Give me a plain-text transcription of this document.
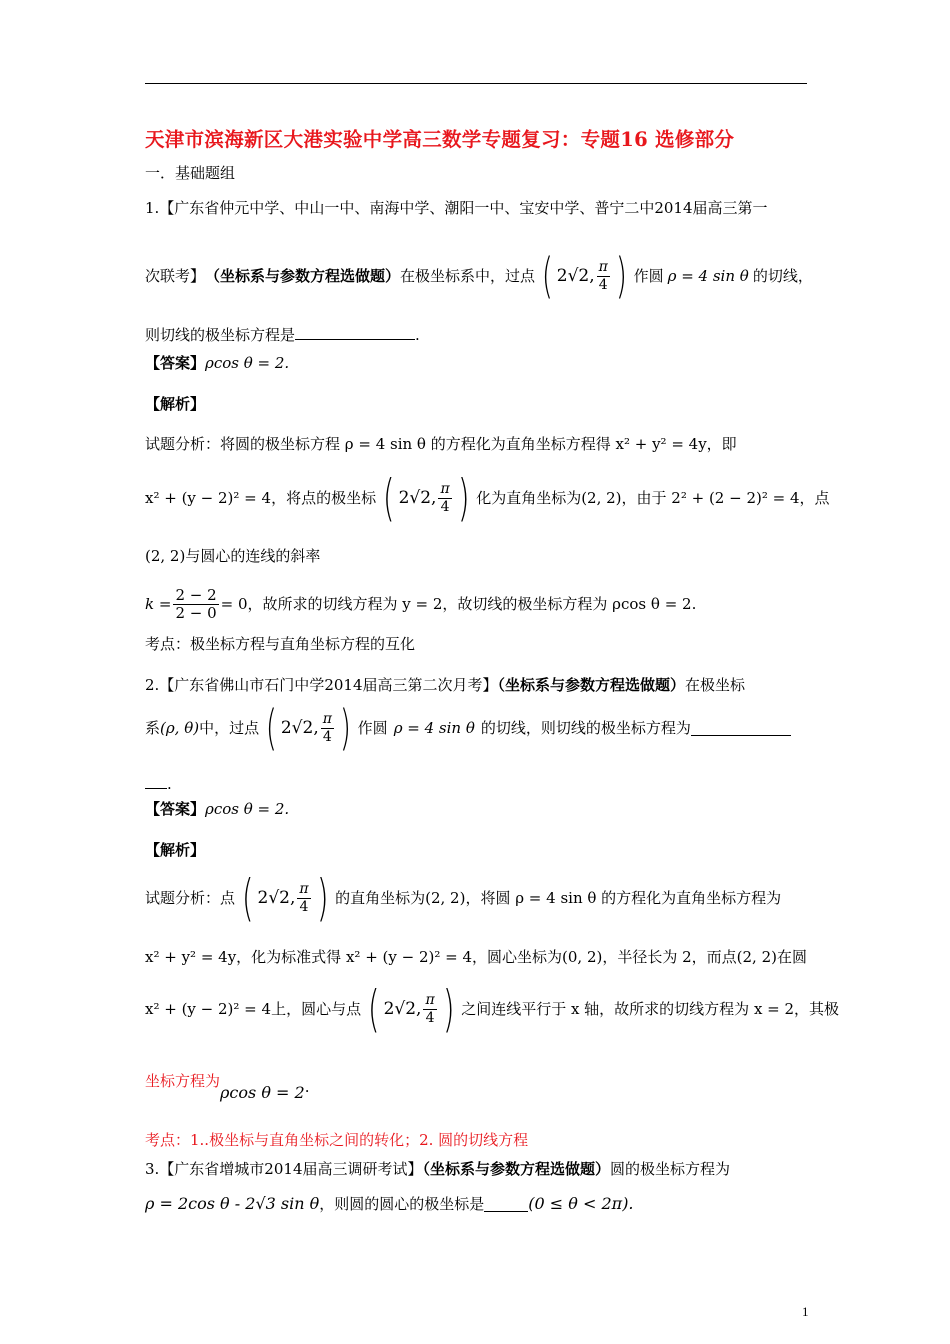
天津市滨海新区大港实验中学高三数学专题复习：专题16 选修部分
一．基础题组
1.【广东省仲元中学、中山一中、南海中学、潮阳一中、宝安中学、普宁二中2014届高三第一
次联考】 （坐标系与参数方程选做题） 在极坐标系中，过点 ( 2√2, $\frac{\pi}{4}$ ) 作圆 ρ = 4 sin θ 的切线，
则切线的极坐标方程是	.
【答案】ρcos θ = 2.
【解析】
试题分析：将圆的极坐标方程 ρ = 4 sin θ 的方程化为直角坐标方程得 x² + y² = 4y，即
x² + (y − 2)² = 4，将点的极坐标 ( 2√2, $\frac{\pi}{4}$ ) 化为直角坐标为(2, 2)，由于 2² + (2 − 2)² = 4，点
(2, 2)与圆心的连线的斜率
$k = \frac{2 - 2}{2 - 0} = 0$，故所求的切线方程为 y = 2，故切线的极坐标方程为 ρcos θ = 2.
考点：极坐标方程与直角坐标方程的互化
2.【广东省佛山市石门中学2014届高三第二次月考】（坐标系与参数方程选做题）在极坐标
系 (ρ, θ) 中，过点 ( 2√2, $\frac{\pi}{4}$ ) 作圆 ρ = 4 sin θ 的切线，则切线的极坐标方程为
.
【答案】ρcos θ = 2.
【解析】
试题分析：点 ( 2√2, $\frac{\pi}{4}$ ) 的直角坐标为(2, 2)，将圆 ρ = 4 sin θ 的方程化为直角坐标方程为
x² + y² = 4y，化为标准式得 x² + (y − 2)² = 4，圆心坐标为(0, 2)，半径长为 2，而点(2, 2)在圆
x² + (y − 2)² = 4上，圆心与点 ( 2√2, $\frac{\pi}{4}$ ) 之间连线平行于 x 轴，故所求的切线方程为 x = 2，其极
坐标方程为ρcos θ = 2.
考点：1..极坐标与直角坐标之间的转化；2. 圆的切线方程
3.【广东省增城市2014届高三调研考试】（坐标系与参数方程选做题）圆的极坐标方程为
ρ = 2cos θ - 2√3 sin θ ，则圆的圆心的极坐标是	(0 ≤ θ < 2π).
1
